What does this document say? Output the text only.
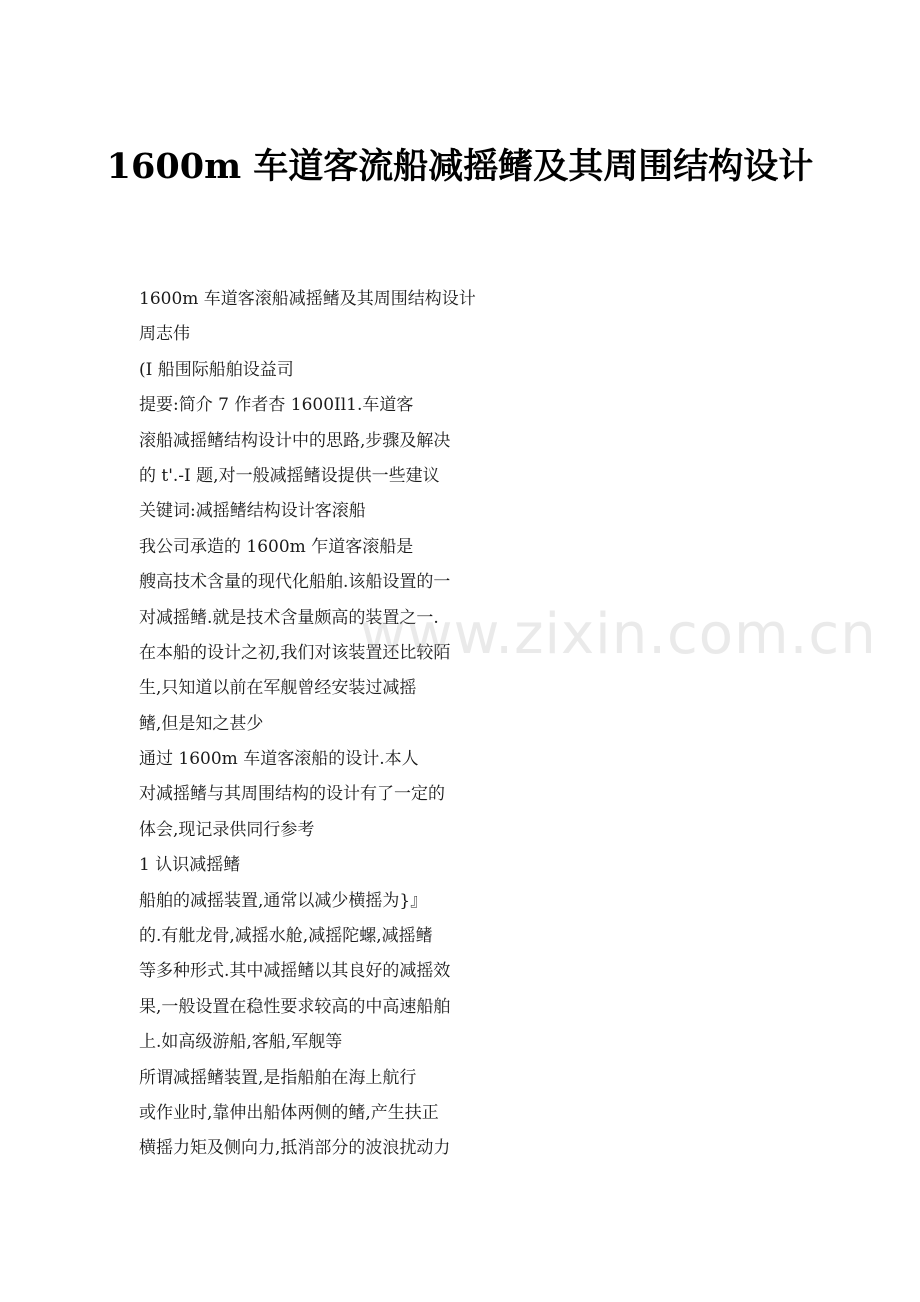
1600m 车道客流船减摇鳍及其周围结构设计
1600m 车道客滚船减摇鳍及其周围结构设计
周志伟
(I 船围际船舶设益司
提要:简介 7 作者杏 1600Il1.车道客
滚船减摇鳍结构设计中的思路,步骤及解决
的 t'.-I 题,对一般减摇鳍设提供一些建议
关键词:减摇鳍结构设计客滚船
我公司承造的 1600m 乍道客滚船是
艘高技术含量的现代化船舶.该船设置的一
对减摇鳍.就是技术含量颇高的装置之一.
在本船的设计之初,我们对该装置还比较陌
生,只知道以前在军舰曾经安装过减摇
鳍,但是知之甚少
通过 1600m 车道客滚船的设计.本人
对减摇鳍与其周围结构的设计有了一定的
体会,现记录供同行参考
1 认识减摇鳍
船舶的减摇装置,通常以减少横摇为}』
的.有舭龙骨,减摇水舱,减摇陀螺,减摇鳍
等多种形式.其中减摇鳍以其良好的减摇效
果,一般设置在稳性要求较高的中高速船舶
上.如高级游船,客船,军舰等
所谓减摇鳍装置,是指船舶在海上航行
或作业时,靠伸出船体两侧的鳍,产生扶正
横摇力矩及侧向力,抵消部分的波浪扰动力
www.zixin.com.cn
